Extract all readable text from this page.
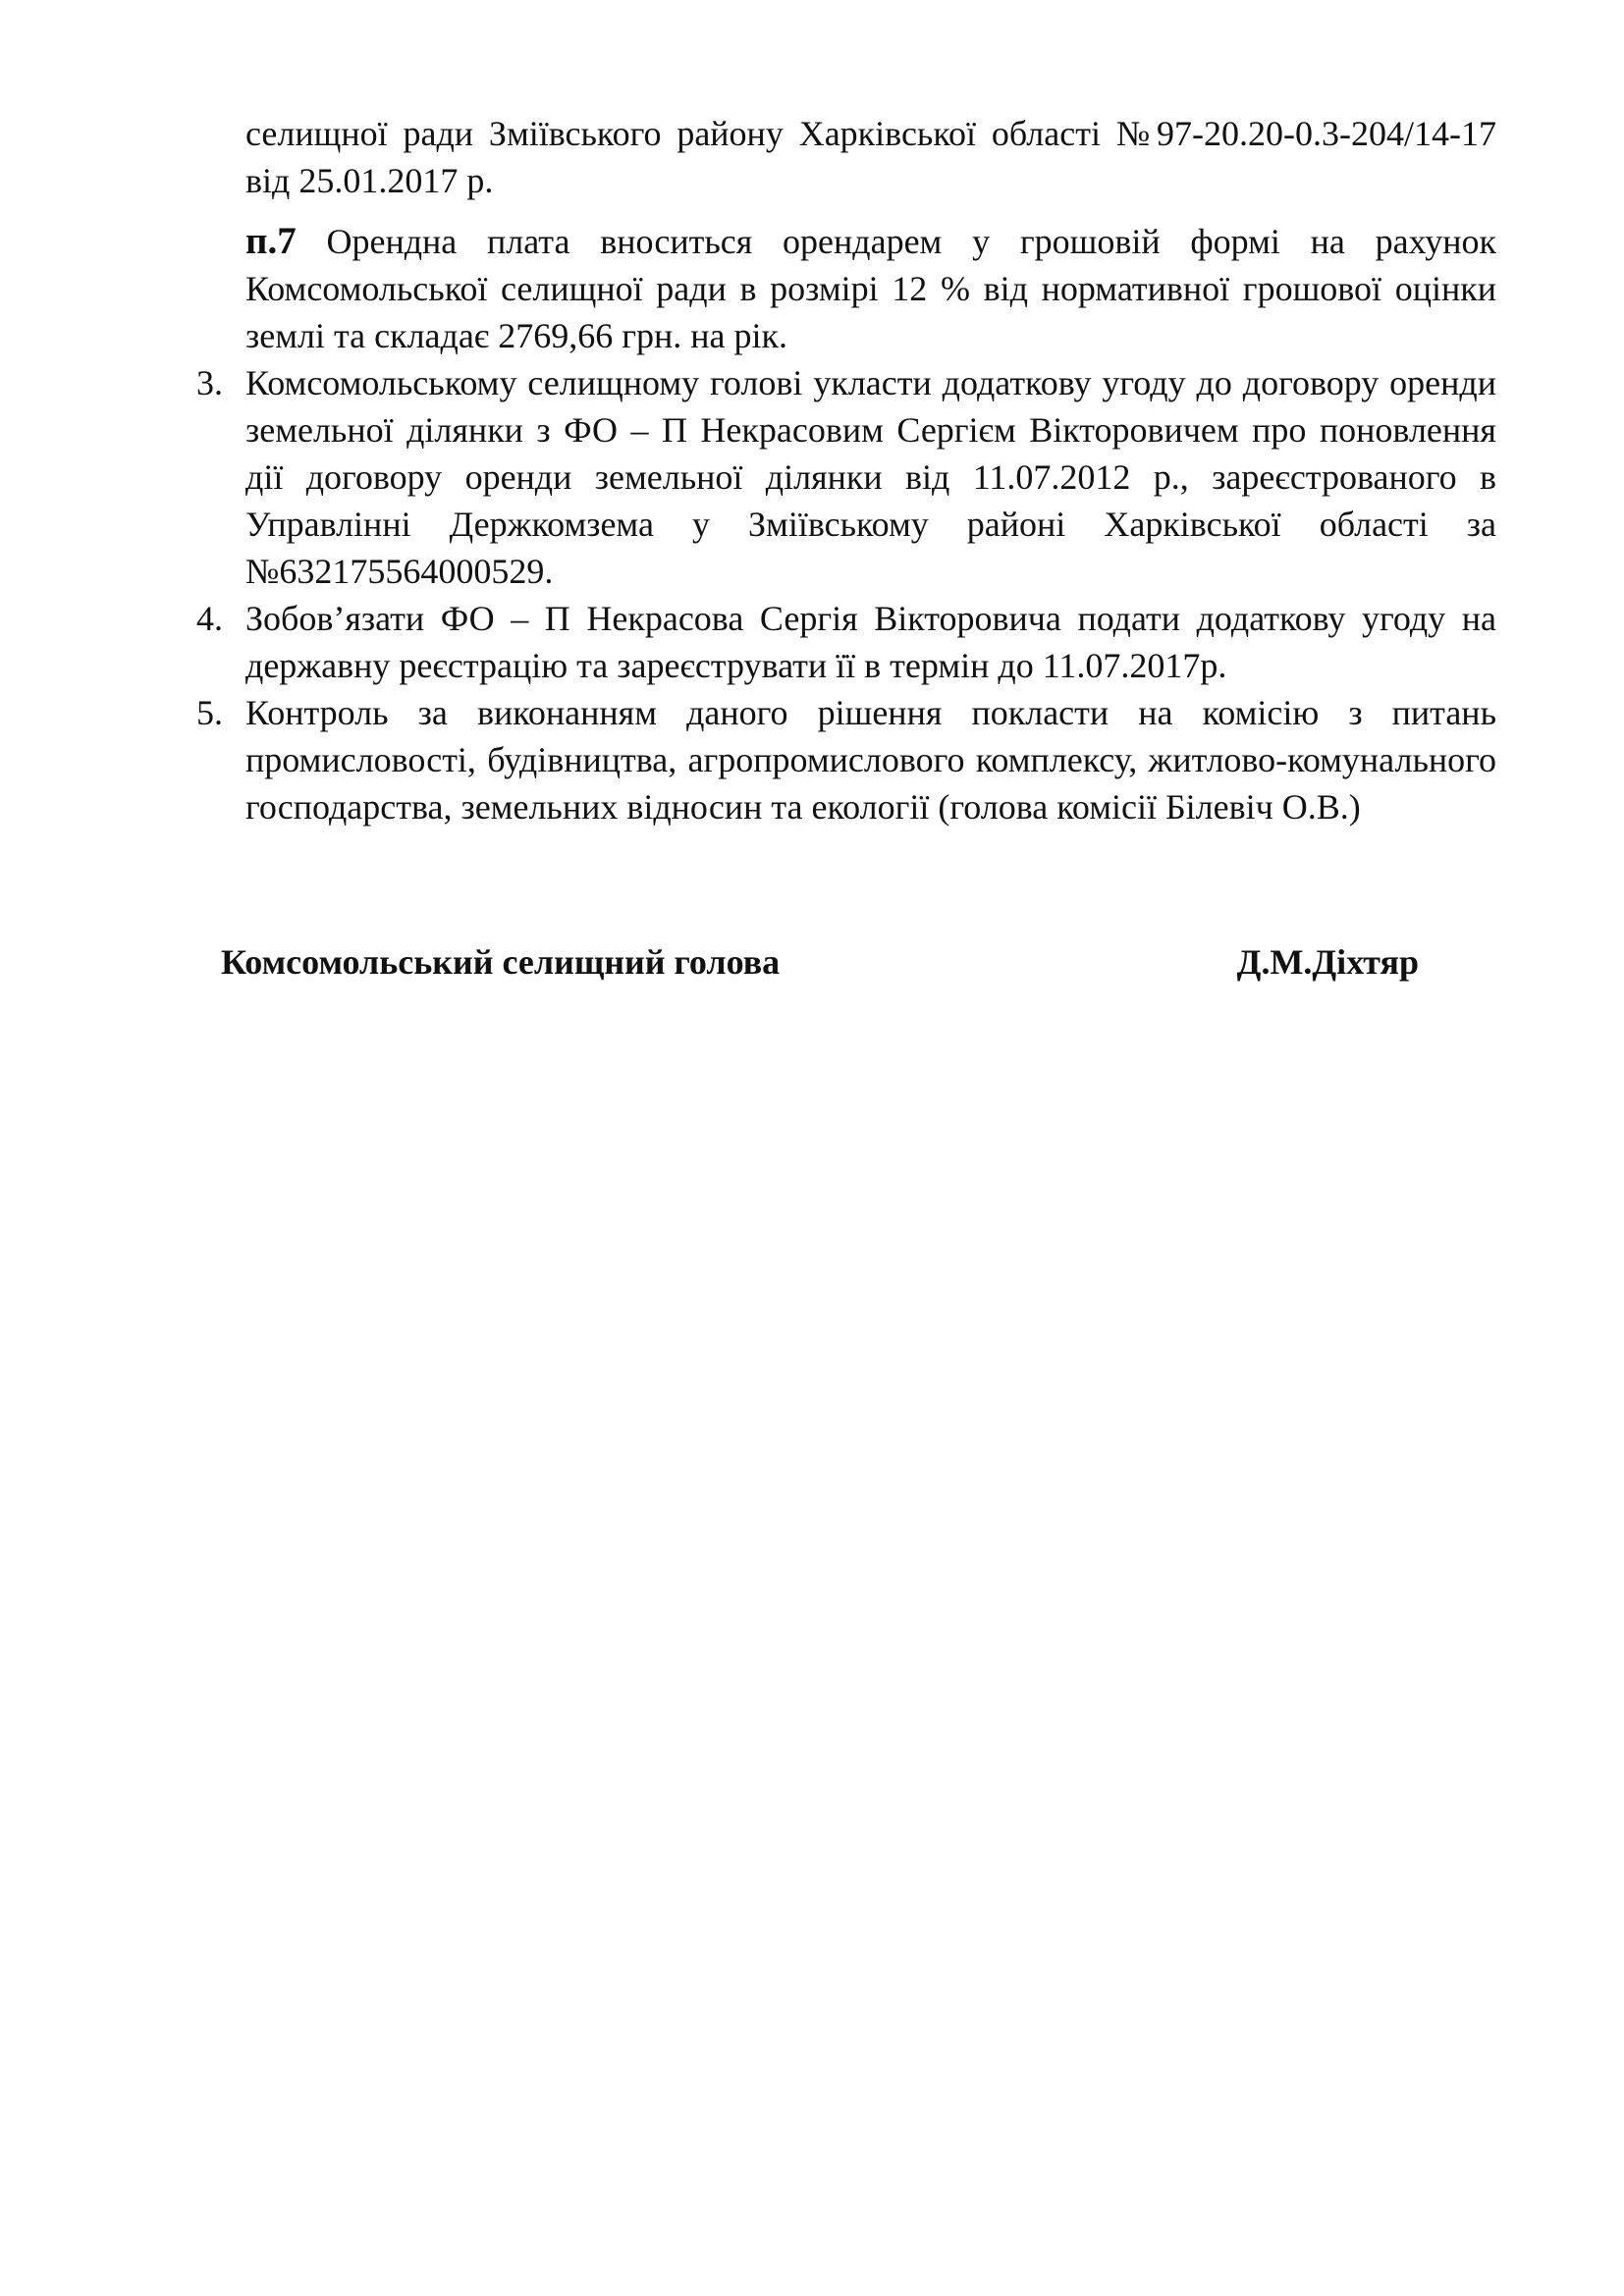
селищної ради Зміївського району Харківської області №97-20.20-0.3-204/14-17 від 25.01.2017 р.

п.7 Орендна плата вноситься орендарем у грошовій формі на рахунок Комсомольської селищної ради в розмірі 12 % від нормативної грошової оцінки землі та складає 2769,66 грн. на рік.

3. Комсомольському селищному голові укласти додаткову угоду до договору оренди земельної ділянки з ФО – П Некрасовим Сергієм Вікторовичем про поновлення дії договору оренди земельної ділянки від 11.07.2012 р., зареєстрованого в Управлінні Держкомзема у Зміївському районі Харківської області за №632175564000529.
4. Зобов’язати ФО – П Некрасова Сергія Вікторовича подати додаткову угоду на державну реєстрацію та зареєструвати її в термін до 11.07.2017р.
5. Контроль за виконанням даного рішення покласти на комісію з питань промисловості, будівництва, агропромислового комплексу, житлово-комунального господарства, земельних відносин та екології (голова комісії Білевіч О.В.)
Комсомольський селищний голова	Д.М.Діхтяр
